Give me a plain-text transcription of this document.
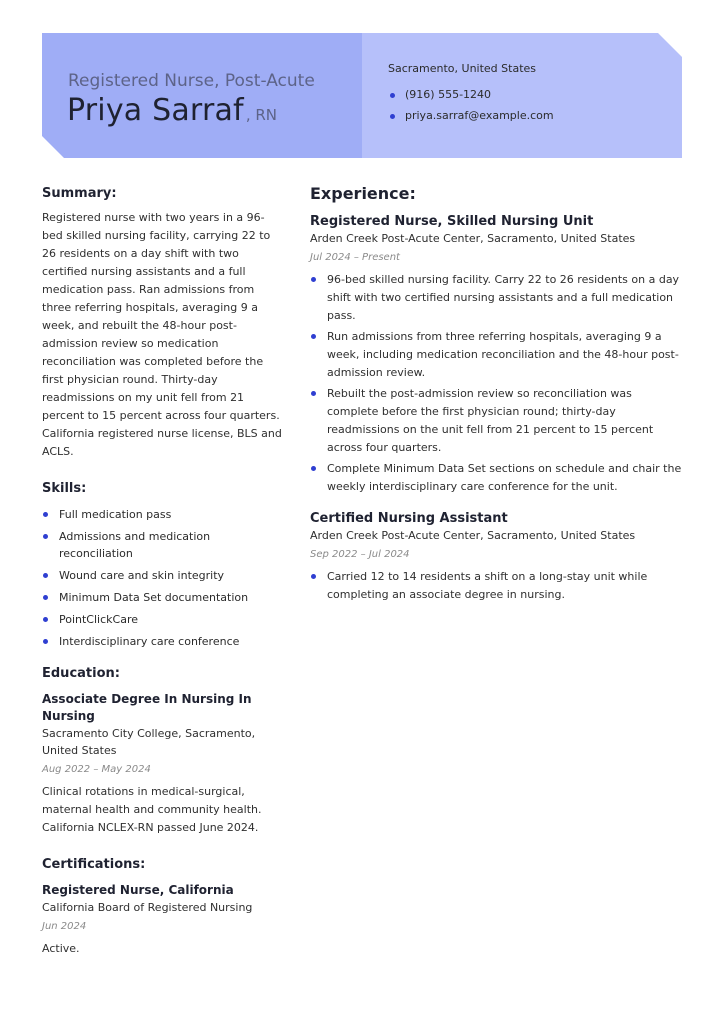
Registered Nurse, Post-Acute
Priya Sarraf , RN
Sacramento, United States
(916) 555-1240
priya.sarraf@example.com
Summary:

Registered nurse with two years in a 96-bed skilled nursing facility, carrying 22 to 26 residents on a day shift with two certified nursing assistants and a full medication pass. Ran admissions from three referring hospitals, averaging 9 a week, and rebuilt the 48-hour post-admission review so medication reconciliation was completed before the first physician round. Thirty-day readmissions on my unit fell from 21 percent to 15 percent across four quarters. California registered nurse license, BLS and ACLS.

Skills:
Full medication pass
Admissions and medication reconciliation
Wound care and skin integrity
Minimum Data Set documentation
PointClickCare
Interdisciplinary care conference
Education:
Associate Degree In Nursing In Nursing
Sacramento City College, Sacramento, United States
Aug 2022 – May 2024

Clinical rotations in medical-surgical, maternal health and community health. California NCLEX-RN passed June 2024.

Certifications:
Registered Nurse, California
California Board of Registered Nursing
Jun 2024

Active.

Experience:
Registered Nurse, Skilled Nursing Unit
Arden Creek Post-Acute Center, Sacramento, United States
Jul 2024 – Present
96-bed skilled nursing facility. Carry 22 to 26 residents on a day shift with two certified nursing assistants and a full medication pass.
Run admissions from three referring hospitals, averaging 9 a week, including medication reconciliation and the 48-hour post-admission review.
Rebuilt the post-admission review so reconciliation was complete before the first physician round; thirty-day readmissions on the unit fell from 21 percent to 15 percent across four quarters.
Complete Minimum Data Set sections on schedule and chair the weekly interdisciplinary care conference for the unit.
Certified Nursing Assistant
Arden Creek Post-Acute Center, Sacramento, United States
Sep 2022 – Jul 2024
Carried 12 to 14 residents a shift on a long-stay unit while completing an associate degree in nursing.
